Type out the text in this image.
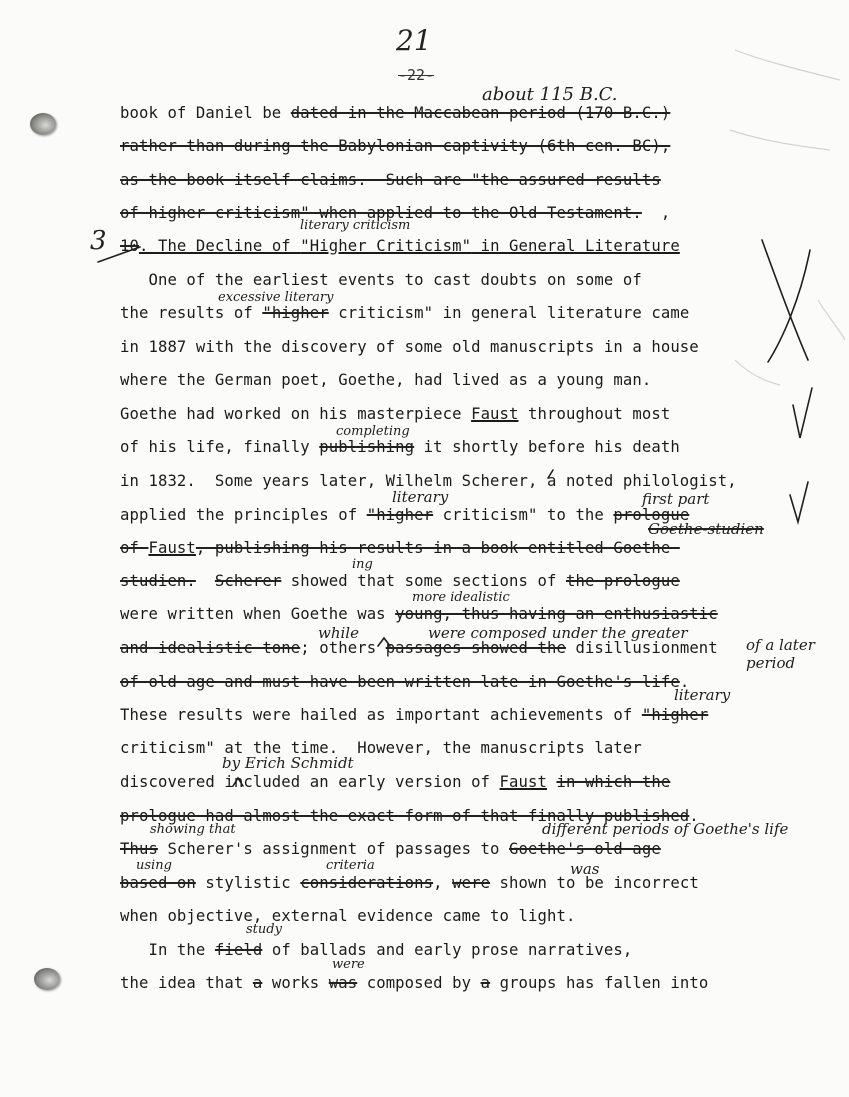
21
-22-
book of Daniel be dated in the Maccabean period (170 B.C.)
rather than during the Babylonian captivity (6th cen. BC),
as the book itself claims.  Such are "the assured results
of higher criticism" when applied to the Old Testament.  ,
10. The Decline of "Higher Criticism" in General Literature
One of the earliest events to cast doubts on some of
the results of "higher criticism" in general literature came
in 1887 with the discovery of some old manuscripts in a house
where the German poet, Goethe, had lived as a young man.
Goethe had worked on his masterpiece Faust throughout most
of his life, finally publishing it shortly before his death
in 1832.  Some years later, Wilhelm Scherer, a noted philologist,
applied the principles of "higher criticism" to the prologue
of Faust, publishing his results in a book entitled Goethe-
studien. Scherer showed that some sections of the prologue
were written when Goethe was young, thus having an enthusiastic
and idealistic tone; others passages showed the disillusionment
of old age and must have been written late in Goethe's life.
These results were hailed as important achievements of "higher
criticism" at the time.  However, the manuscripts later
discovered included an early version of Faust in which the
prologue had almost the exact form of that finally published.
Thus Scherer's assignment of passages to Goethe's old age
based on stylistic considerations, were shown to be incorrect
when objective, external evidence came to light.
In the field of ballads and early prose narratives,
the idea that a works was composed by a groups has fallen into
about 115 B.C.
3
literary criticism
excessive literary
completing
literary	first part
Goethe-studien
ing
more idealistic
while	were composed under the greater
of a later period
literary
by Erich Schmidt
showing that	different periods of Goethe's life
using	criteria	was
study
were
